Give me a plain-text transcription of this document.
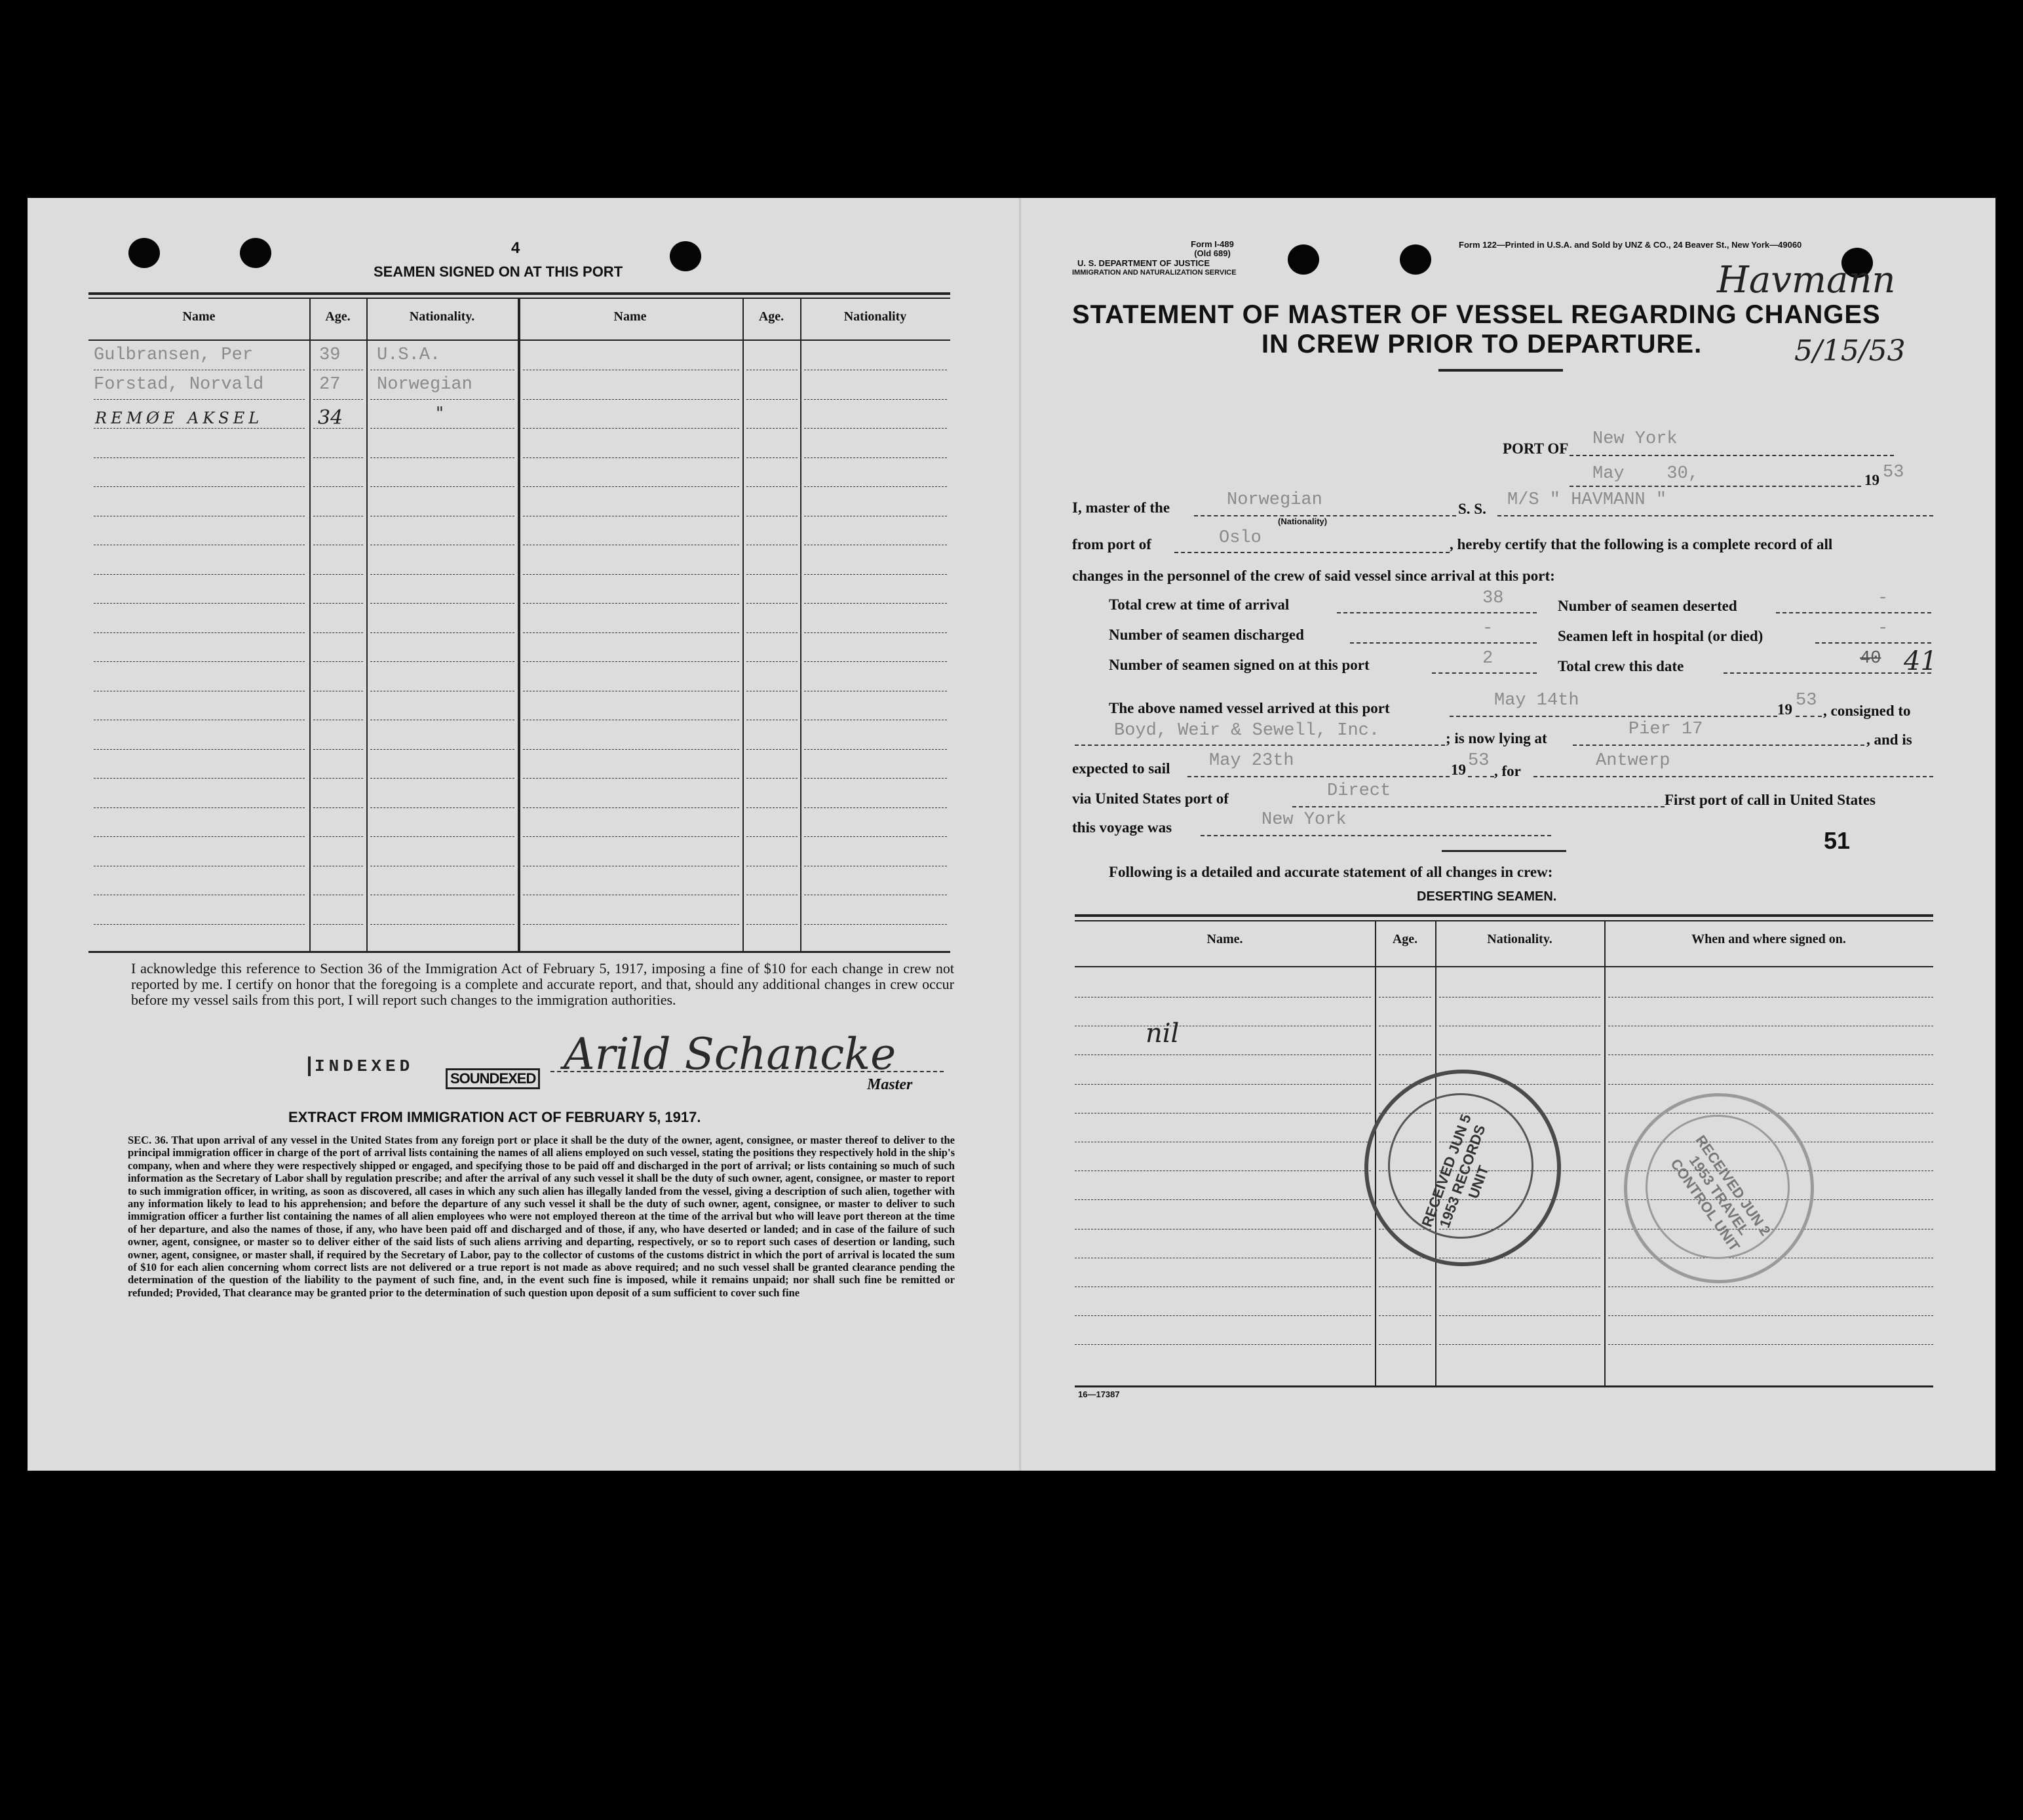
4
SEAMEN SIGNED ON AT THIS PORT
Name	Age.	Nationality.	Name	Age.	Nationality
Gulbransen, Per	39 U.S.A.
Forstad, Norvald	27 Norwegian
REMØE AKSEL	34	"
I acknowledge this reference to Section 36 of the Immigration Act of February 5, 1917, imposing a fine of $10 for each change in crew not reported by me. I certify on honor that the foregoing is a complete and accurate report, and that, should any additional changes in crew occur before my vessel sails from this port, I will report such changes to the immigration authorities.
INDEXED
SOUNDEXED Arild Schancke
Master
EXTRACT FROM IMMIGRATION ACT OF FEBRUARY 5, 1917.
SEC. 36. That upon arrival of any vessel in the United States from any foreign port or place it shall be the duty of the owner, agent, consignee, or master thereof to deliver to the principal immigration officer in charge of the port of arrival lists containing the names of all aliens employed on such vessel, stating the positions they respectively hold in the ship's company, when and where they were respectively shipped or engaged, and specifying those to be paid off and discharged in the port of arrival; or lists containing so much of such information as the Secretary of Labor shall by regulation prescribe; and after the arrival of any such vessel it shall be the duty of such owner, agent, consignee, or master to report to such immigration officer, in writing, as soon as discovered, all cases in which any such alien has illegally landed from the vessel, giving a description of such alien, together with any information likely to lead to his apprehension; and before the departure of any such vessel it shall be the duty of such owner, agent, consignee, or master to deliver to such immigration officer a further list containing the names of all alien employees who were not employed thereon at the time of the arrival but who will leave port thereon at the time of her departure, and also the names of those, if any, who have been paid off and discharged and of those, if any, who have deserted or landed; and in case of the failure of such owner, agent, consignee, or master so to deliver either of the said lists of such aliens arriving and departing, respectively, or so to report such cases of desertion or landing, such owner, agent, consignee, or master shall, if required by the Secretary of Labor, pay to the collector of customs of the customs district in which the port of arrival is located the sum of $10 for each alien concerning whom correct lists are not delivered or a true report is not made as above required; and no such vessel shall be granted clearance pending the determination of the question of the liability to the payment of such fine, and, in the event such fine is imposed, while it remains unpaid; nor shall such fine be remitted or refunded; Provided, That clearance may be granted prior to the determination of such question upon deposit of a sum sufficient to cover such fine
Form I-489
(Old 689)
U. S. DEPARTMENT OF JUSTICE
IMMIGRATION AND NATURALIZATION SERVICE
Form 122—Printed in U.S.A. and Sold by UNZ & CO., 24 Beaver St., New York—49060
Havmann
5/15/53
STATEMENT OF MASTER OF VESSEL REGARDING CHANGES
IN CREW PRIOR TO DEPARTURE.
PORT OF New York
May    30,	19 53
I, master of the	Norwegian
(Nationality)
S. S. M/S " HAVMANN "
from port of	Oslo	, hereby certify that the following is a complete record of all
changes in the personnel of the crew of said vessel since arrival at this port:
Total crew at time of arrival	38	Number of seamen deserted	-
Number of seamen discharged	-	Seamen left in hospital (or died)	-
Number of seamen signed on at this port	2	Total crew this date	40 41
The above named vessel arrived at this port	May 14th	19 53
, consigned to
Boyd, Weir & Sewell, Inc.	; is now lying at	Pier 17
, and is
expected to sail May 23th	19 53
, for
Antwerp
via United States port of	Direct	First port of call in United States
this voyage was	New York
51
Following is a detailed and accurate statement of all changes in crew:
DESERTING SEAMEN.
Name.	Age.	Nationality.	When and where signed on.
nil
16—17387
RECEIVED JUN 5 1953 RECORDS UNIT	RECEIVED JUN 2 1953 TRAVEL CONTROL UNIT
